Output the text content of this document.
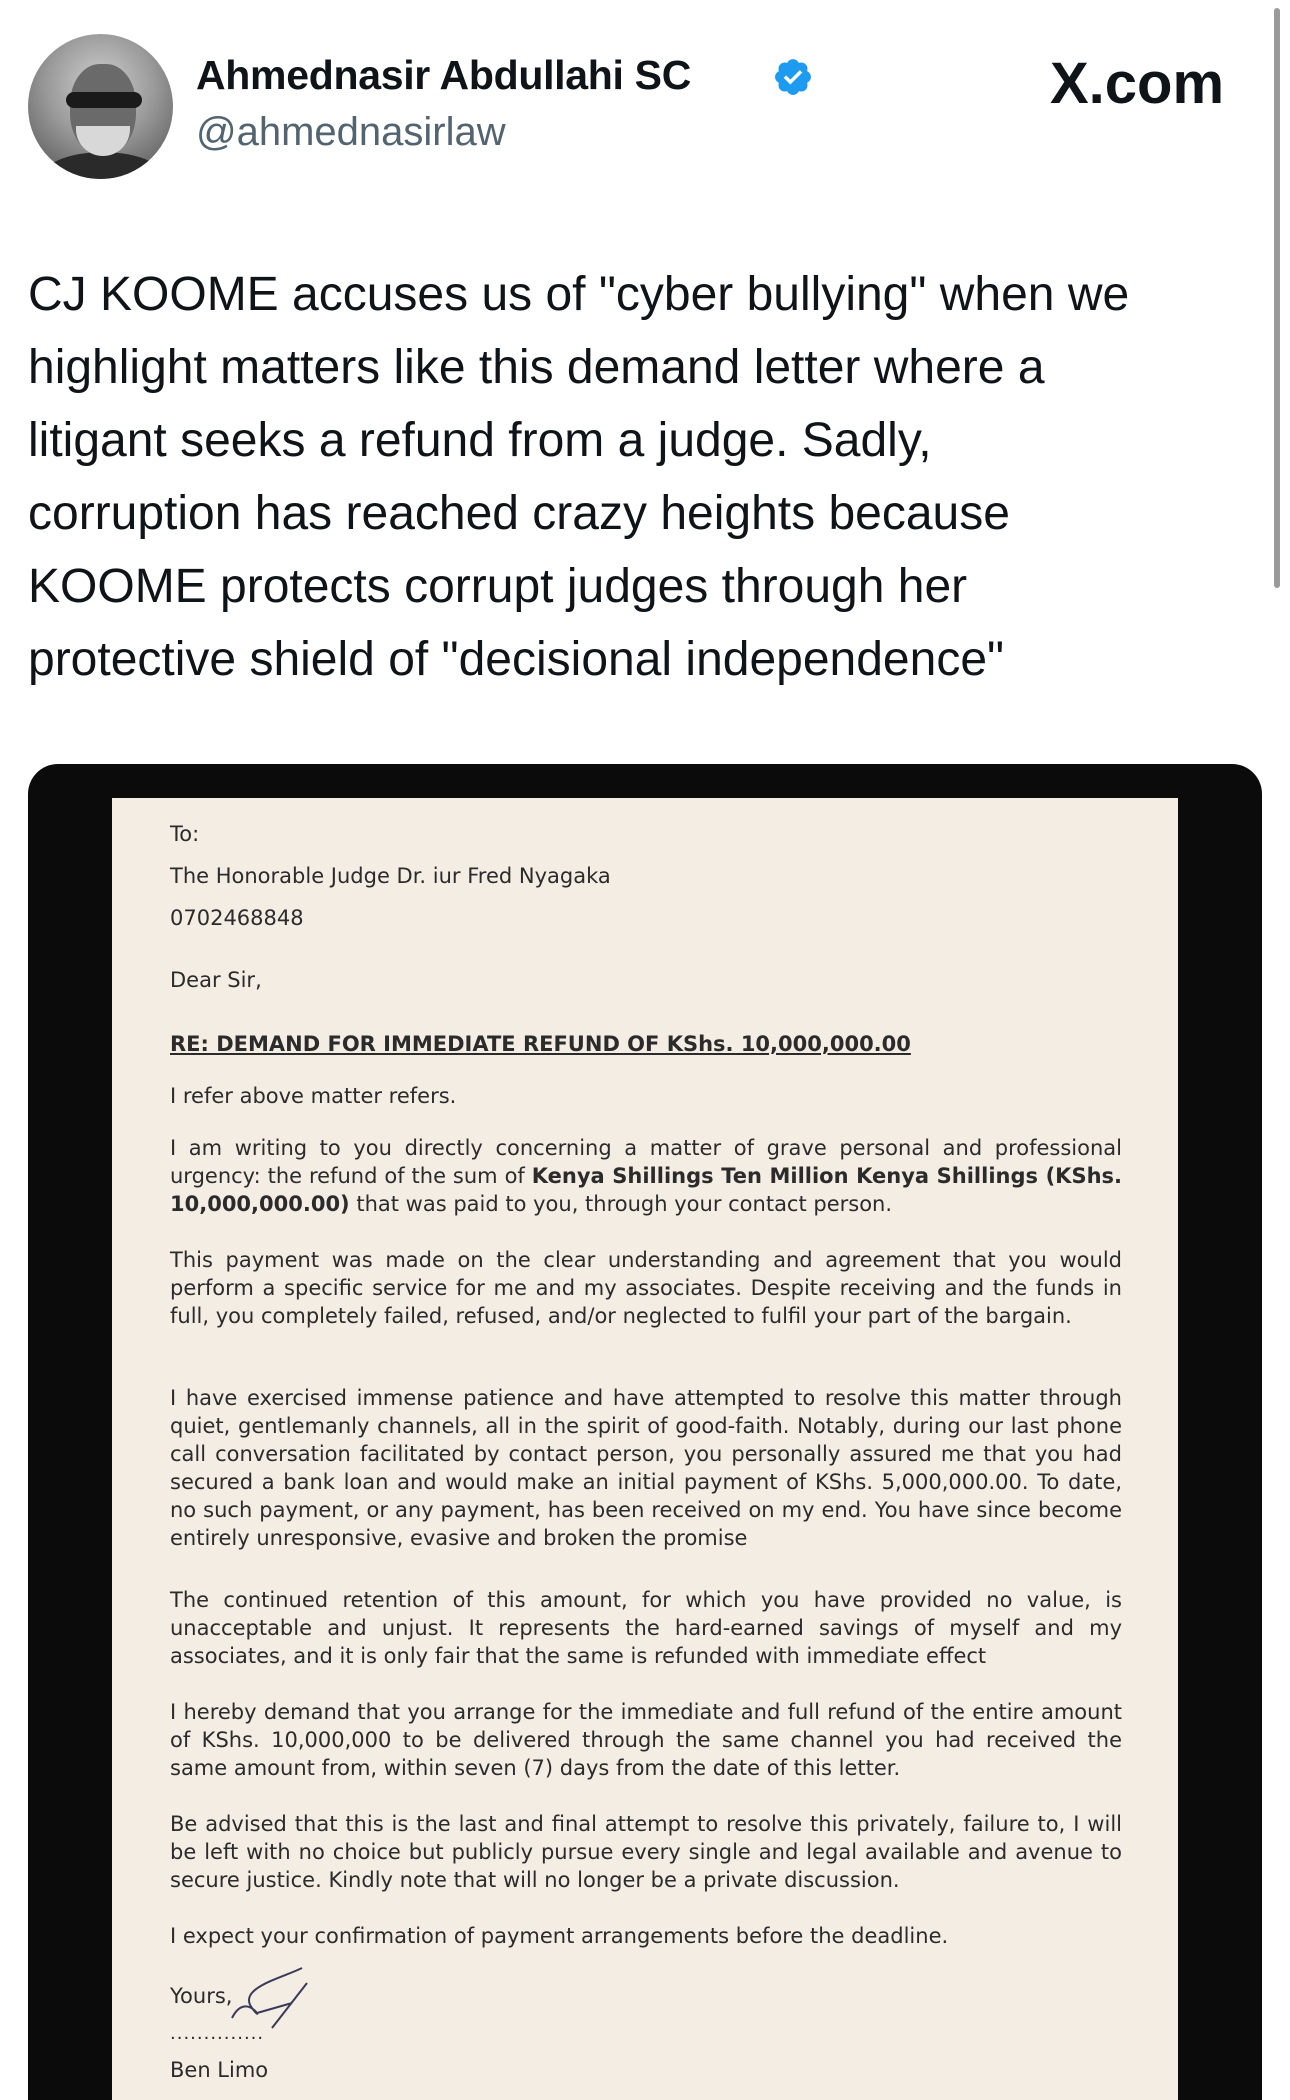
Ahmednasir Abdullahi SC
@ahmednasirlaw
X.com
CJ KOOME accuses us of "cyber bullying" when we
highlight matters like this demand letter where a
litigant seeks a refund from a judge. Sadly,
corruption has reached crazy heights because
KOOME protects corrupt judges through her
protective shield of "decisional independence"
To:
The Honorable Judge Dr. iur Fred Nyagaka
0702468848
Dear Sir,
RE: DEMAND FOR IMMEDIATE REFUND OF KShs. 10,000,000.00
I refer above matter refers.
I am writing to you directly concerning a matter of grave personal and professional urgency: the refund of the sum of Kenya Shillings Ten Million Kenya Shillings (KShs. 10,000,000.00) that was paid to you, through your contact person.
This payment was made on the clear understanding and agreement that you would perform a specific service for me and my associates. Despite receiving and the funds in full, you completely failed, refused, and/or neglected to fulfil your part of the bargain.
I have exercised immense patience and have attempted to resolve this matter through quiet, gentlemanly channels, all in the spirit of good-faith. Notably, during our last phone call conversation facilitated by contact person, you personally assured me that you had secured a bank loan and would make an initial payment of KShs. 5,000,000.00. To date, no such payment, or any payment, has been received on my end. You have since become entirely unresponsive, evasive and broken the promise
The continued retention of this amount, for which you have provided no value, is unacceptable and unjust. It represents the hard-earned savings of myself and my associates, and it is only fair that the same is refunded with immediate effect
I hereby demand that you arrange for the immediate and full refund of the entire amount of KShs. 10,000,000 to be delivered through the same channel you had received the same amount from, within seven (7) days from the date of this letter.
Be advised that this is the last and final attempt to resolve this privately, failure to, I will be left with no choice but publicly pursue every single and legal available and avenue to secure justice. Kindly note that will no longer be a private discussion.
I expect your confirmation of payment arrangements before the deadline.
Yours,
..............
Ben Limo
